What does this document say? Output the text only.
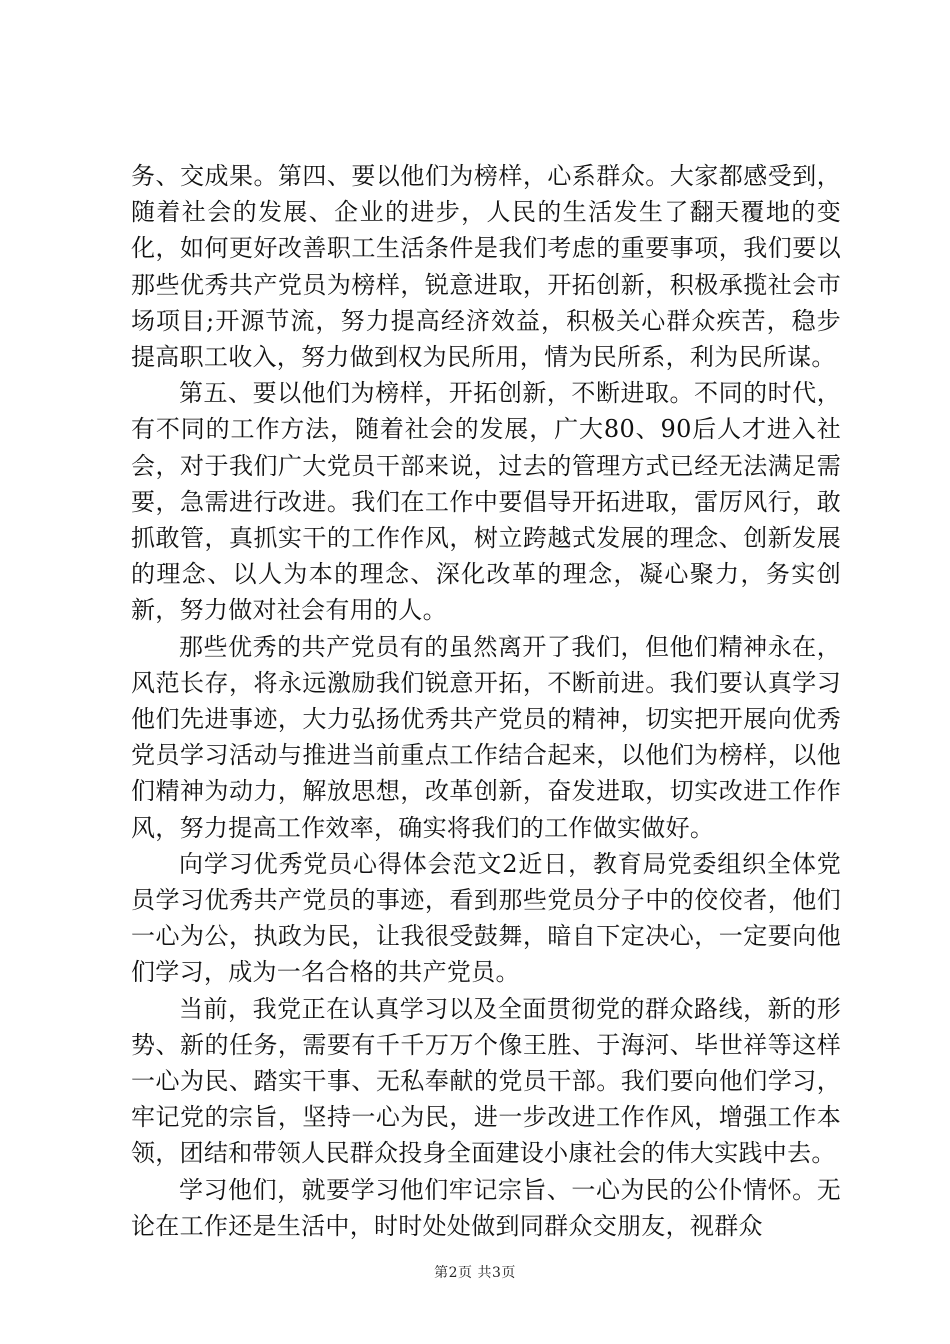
务、交成果。第四、要以他们为榜样，心系群众。大家都感受到，随着社会的发展、企业的进步，人民的生活发生了翻天覆地的变化，如何更好改善职工生活条件是我们考虑的重要事项，我们要以那些优秀共产党员为榜样，锐意进取，开拓创新，积极承揽社会市场项目;开源节流，努力提高经济效益，积极关心群众疾苦，稳步提高职工收入，努力做到权为民所用，情为民所系，利为民所谋。

第五、要以他们为榜样，开拓创新，不断进取。不同的时代，有不同的工作方法，随着社会的发展，广大80、90后人才进入社会，对于我们广大党员干部来说，过去的管理方式已经无法满足需要，急需进行改进。我们在工作中要倡导开拓进取，雷厉风行，敢抓敢管，真抓实干的工作作风，树立跨越式发展的理念、创新发展的理念、以人为本的理念、深化改革的理念，凝心聚力，务实创新，努力做对社会有用的人。

那些优秀的共产党员有的虽然离开了我们，但他们精神永在，风范长存，将永远激励我们锐意开拓，不断前进。我们要认真学习他们先进事迹，大力弘扬优秀共产党员的精神，切实把开展向优秀党员学习活动与推进当前重点工作结合起来，以他们为榜样，以他们精神为动力，解放思想，改革创新，奋发进取，切实改进工作作风，努力提高工作效率，确实将我们的工作做实做好。

向学习优秀党员心得体会范文2近日，教育局党委组织全体党员学习优秀共产党员的事迹，看到那些党员分子中的佼佼者，他们一心为公，执政为民，让我很受鼓舞，暗自下定决心，一定要向他们学习，成为一名合格的共产党员。

当前，我党正在认真学习以及全面贯彻党的群众路线，新的形势、新的任务，需要有千千万万个像王胜、于海河、毕世祥等这样一心为民、踏实干事、无私奉献的党员干部。我们要向他们学习，牢记党的宗旨，坚持一心为民，进一步改进工作作风，增强工作本领，团结和带领人民群众投身全面建设小康社会的伟大实践中去。

学习他们，就要学习他们牢记宗旨、一心为民的公仆情怀。无论在工作还是生活中，时时处处做到同群众交朋友，视群众

第2页 共3页
